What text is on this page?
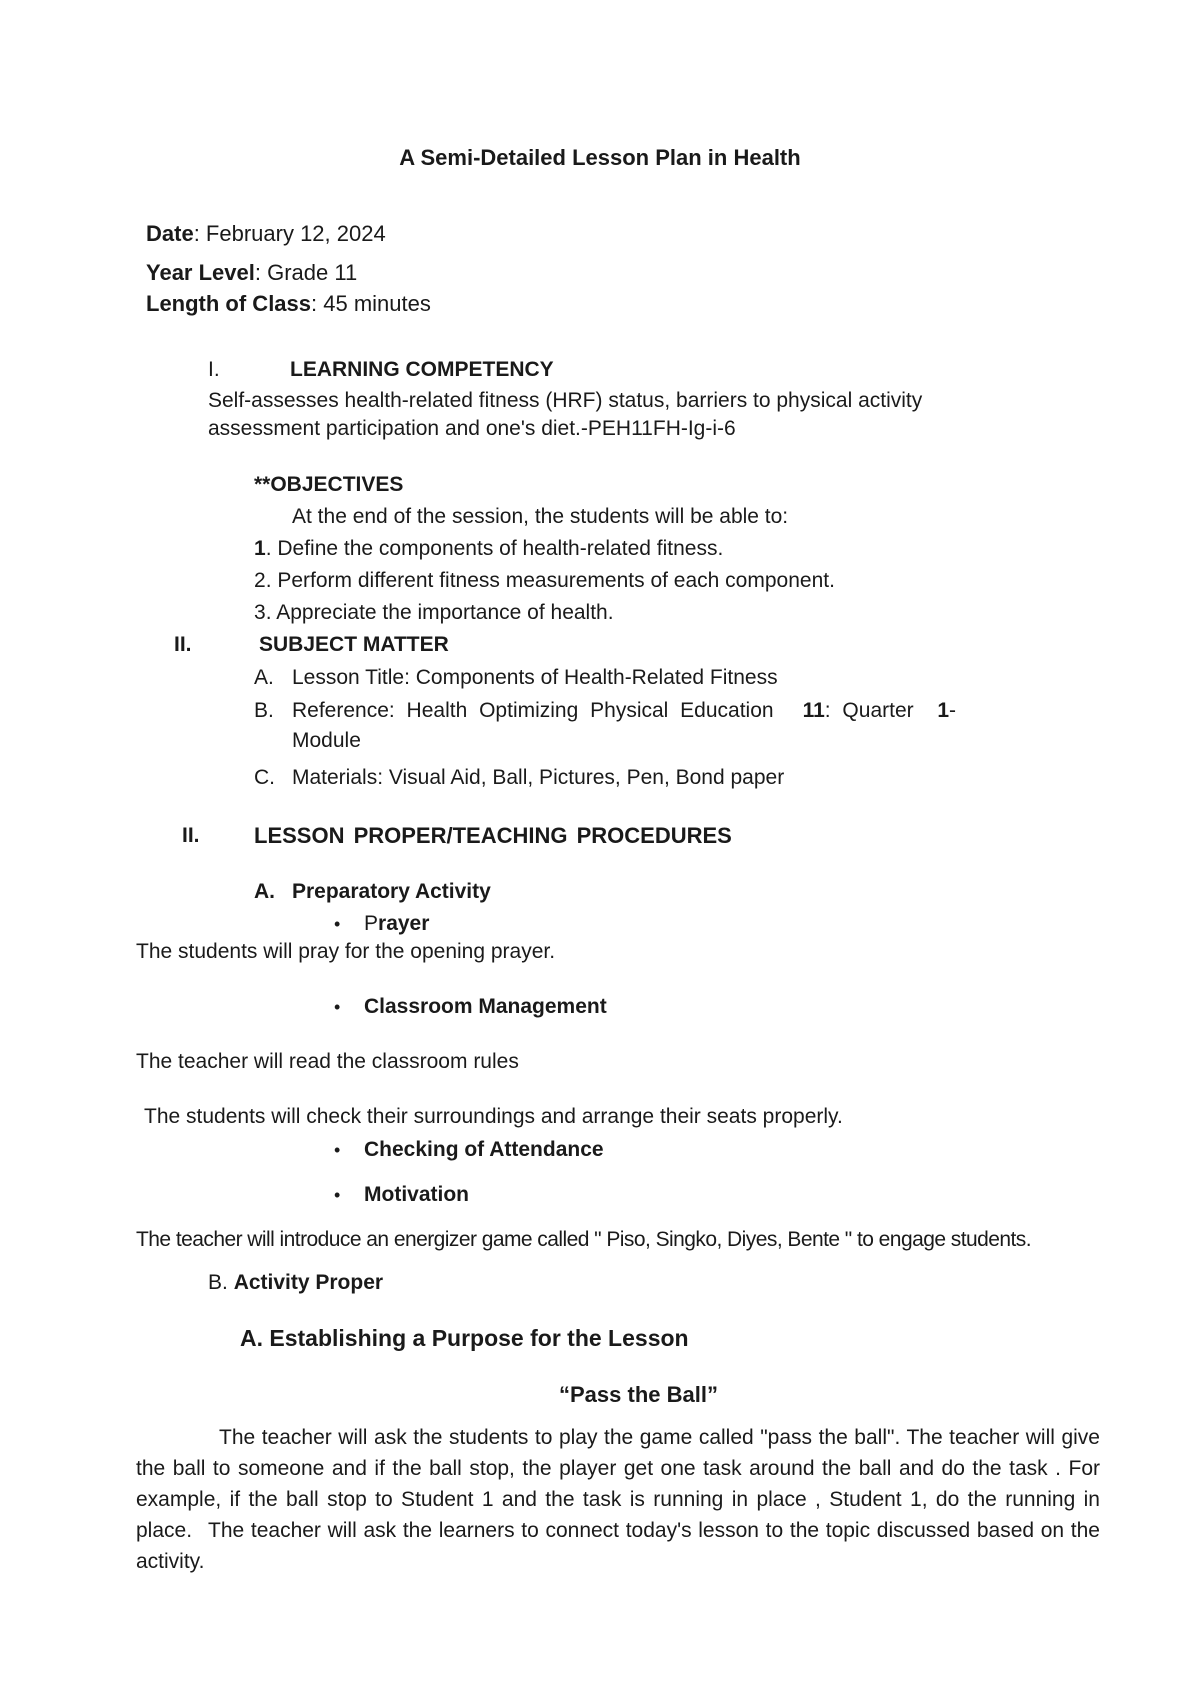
A Semi-Detailed Lesson Plan in Health
Date: February 12, 2024
Year Level: Grade 11
Length of Class: 45 minutes
I.	LEARNING COMPETENCY
Self-assesses health-related fitness (HRF) status, barriers to physical activity
assessment participation and one's diet.-PEH11FH-Ig-i-6
**OBJECTIVES
At the end of the session, the students will be able to:
1. Define the components of health-related fitness.
2. Perform different fitness measurements of each component.
3. Appreciate the importance of health.
II.	SUBJECT MATTER
A. Lesson Title: Components of Health-Related Fitness
B. Reference: Health Optimizing Physical Education 11: Quarter 1-
Module
C. Materials: Visual Aid, Ball, Pictures, Pen, Bond paper
II. LESSON PROPER/TEACHING PROCEDURES
A. Preparatory Activity
• Prayer
The students will pray for the opening prayer.
• Classroom Management
The teacher will read the classroom rules
The students will check their surroundings and arrange their seats properly.
• Checking of Attendance
• Motivation
The teacher will introduce an energizer game called " Piso, Singko, Diyes, Bente " to engage students.
B. Activity Proper
A. Establishing a Purpose for the Lesson
“Pass the Ball”
The teacher will ask the students to play the game called "pass the ball". The teacher will give the ball to someone and if the ball stop, the player get one task around the ball and do the task . For example, if the ball stop to Student 1 and the task is running in place , Student 1, do the running in place. The teacher will ask the learners to connect today's lesson to the topic discussed based on the activity.
